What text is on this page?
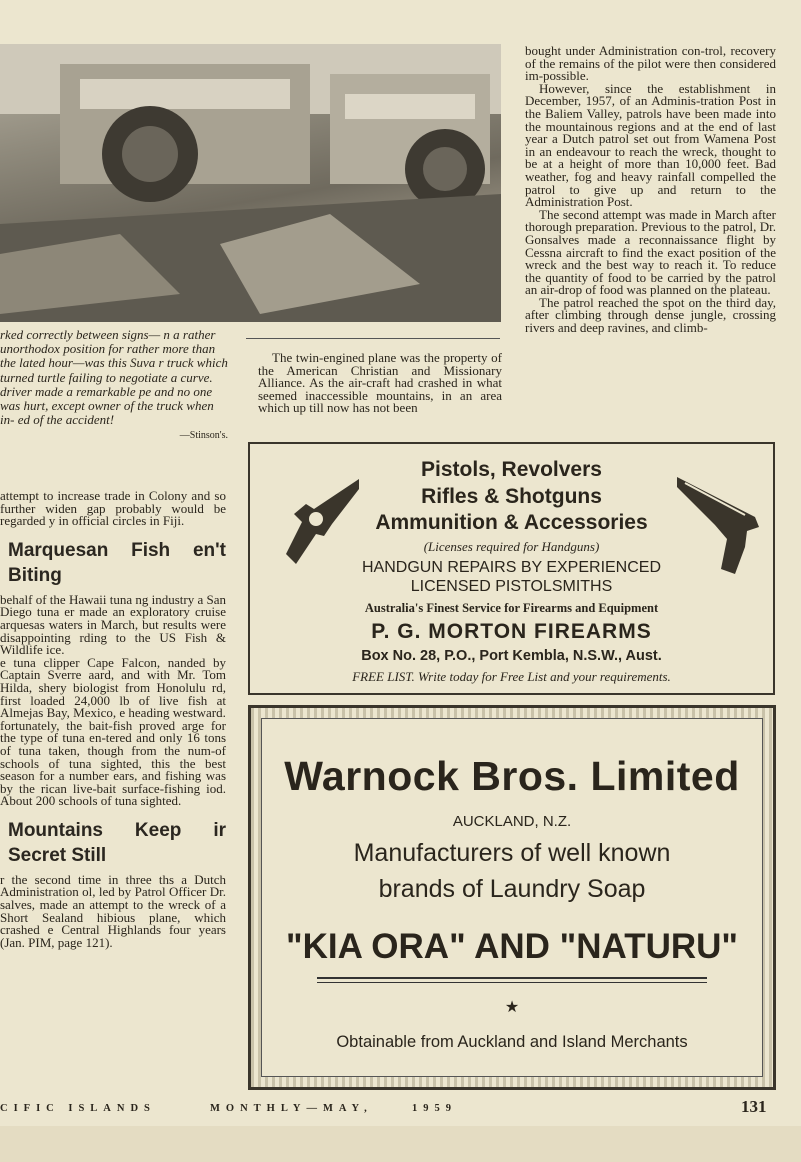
rked correctly between signs— n a rather unorthodox position for rather more than the lated hour—was this Suva r truck which turned turtle failing to negotiate a curve. driver made a remarkable pe and no one was hurt, except owner of the truck when in- ed of the accident!

—Stinson's.

The twin-engined plane was the property of the American Christian and Missionary Alliance. As the air-craft had crashed in what seemed inaccessible mountains, in an area which up till now has not been

bought under Administration con-trol, recovery of the remains of the pilot were then considered im-possible.

However, since the establishment in December, 1957, of an Adminis-tration Post in the Baliem Valley, patrols have been made into the mountainous regions and at the end of last year a Dutch patrol set out from Wamena Post in an endeavour to reach the wreck, thought to be at a height of more than 10,000 feet. Bad weather, fog and heavy rainfall compelled the patrol to give up and return to the Administration Post.

The second attempt was made in March after thorough preparation. Previous to the patrol, Dr. Gonsalves made a reconnaissance flight by Cessna aircraft to find the exact position of the wreck and the best way to reach it. To reduce the quantity of food to be carried by the patrol an air-drop of food was planned on the plateau.

The patrol reached the spot on the third day, after climbing through dense jungle, crossing rivers and deep ravines, and climb-

attempt to increase trade in Colony and so further widen gap probably would be regarded y in official circles in Fiji.

Marquesan Fish en't Biting

behalf of the Hawaii tuna ng industry a San Diego tuna er made an exploratory cruise arquesas waters in March, but results were disappointing rding to the US Fish & Wildlife ice.

e tuna clipper Cape Falcon, nanded by Captain Sverre aard, and with Mr. Tom Hilda, shery biologist from Honolulu rd, first loaded 24,000 lb of live fish at Almejas Bay, Mexico, e heading westward.

fortunately, the bait-fish proved arge for the type of tuna en-tered and only 16 tons of tuna taken, though from the num-of schools of tuna sighted, this the best season for a number ears, and fishing was by the rican live-bait surface-fishing iod. About 200 schools of tuna sighted.

Mountains Keep ir Secret Still

r the second time in three ths a Dutch Administration ol, led by Patrol Officer Dr. salves, made an attempt to the wreck of a Short Sealand hibious plane, which crashed e Central Highlands four years (Jan. PIM, page 121).

Pistols, Revolvers
Rifles & Shotguns
Ammunition & Accessories
(Licenses required for Handguns)
HANDGUN REPAIRS BY EXPERIENCED
LICENSED PISTOLSMITHS
Australia's Finest Service for Firearms and Equipment
P. G. MORTON FIREARMS
Box No. 28, P.O., Port Kembla, N.S.W., Aust.
FREE LIST. Write today for Free List and your requirements.
Warnock Bros. Limited
AUCKLAND, N.Z.
Manufacturers of well known
brands of Laundry Soap
"KIA ORA" AND "NATURU"
★
Obtainable from Auckland and Island Merchants
CIFIC ISLANDS	MONTHLY—MAY,	1959	131
